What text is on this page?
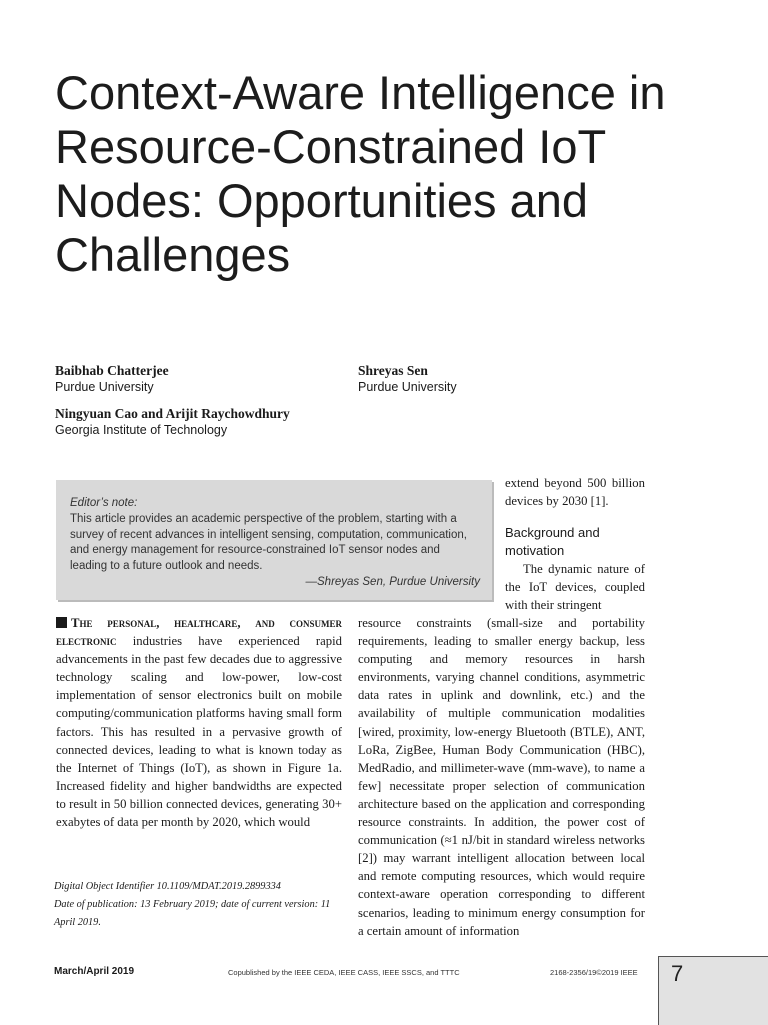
Context-Aware Intelligence in Resource-Constrained IoT Nodes: Opportunities and Challenges
Baibhab Chatterjee
Purdue University
Shreyas Sen
Purdue University
Ningyuan Cao and Arijit Raychowdhury
Georgia Institute of Technology
Editor’s note:
This article provides an academic perspective of the problem, starting with a survey of recent advances in intelligent sensing, computation, communication, and energy management for resource-constrained IoT sensor nodes and leading to a future outlook and needs.
—Shreyas Sen, Purdue University
The personal, healthcare, and consumer electronic industries have experienced rapid advancements in the past few decades due to aggressive technology scaling and low-power, low-cost implementation of sensor electronics built on mobile computing/communication platforms having small form factors. This has resulted in a pervasive growth of connected devices, leading to what is known today as the Internet of Things (IoT), as shown in Figure 1a. Increased fidelity and higher bandwidths are expected to result in 50 billion connected devices, generating 30+ exabytes of data per month by 2020, which would
extend beyond 500 billion devices by 2030 [1].
Background and motivation
The dynamic nature of the IoT devices, coupled with their stringent
resource constraints (small-size and portability requirements, leading to smaller energy backup, less computing and memory resources in harsh environments, varying channel conditions, asymmetric data rates in uplink and downlink, etc.) and the availability of multiple communication modalities [wired, proximity, low-energy Bluetooth (BTLE), ANT, LoRa, ZigBee, Human Body Communication (HBC), MedRadio, and millimeter-wave (mm-wave), to name a few] necessitate proper selection of communication architecture based on the application and corresponding resource constraints. In addition, the power cost of communication (≈1 nJ/bit in standard wireless networks [2]) may warrant intelligent allocation between local and remote computing resources, which would require context-aware operation corresponding to different scenarios, leading to minimum energy consumption for a certain amount of information
Digital Object Identifier 10.1109/MDAT.2019.2899334
Date of publication: 13 February 2019; date of current version: 11 April 2019.
March/April 2019	Copublished by the IEEE CEDA, IEEE CASS, IEEE SSCS, and TTTC	2168-2356/19©2019 IEEE 7
